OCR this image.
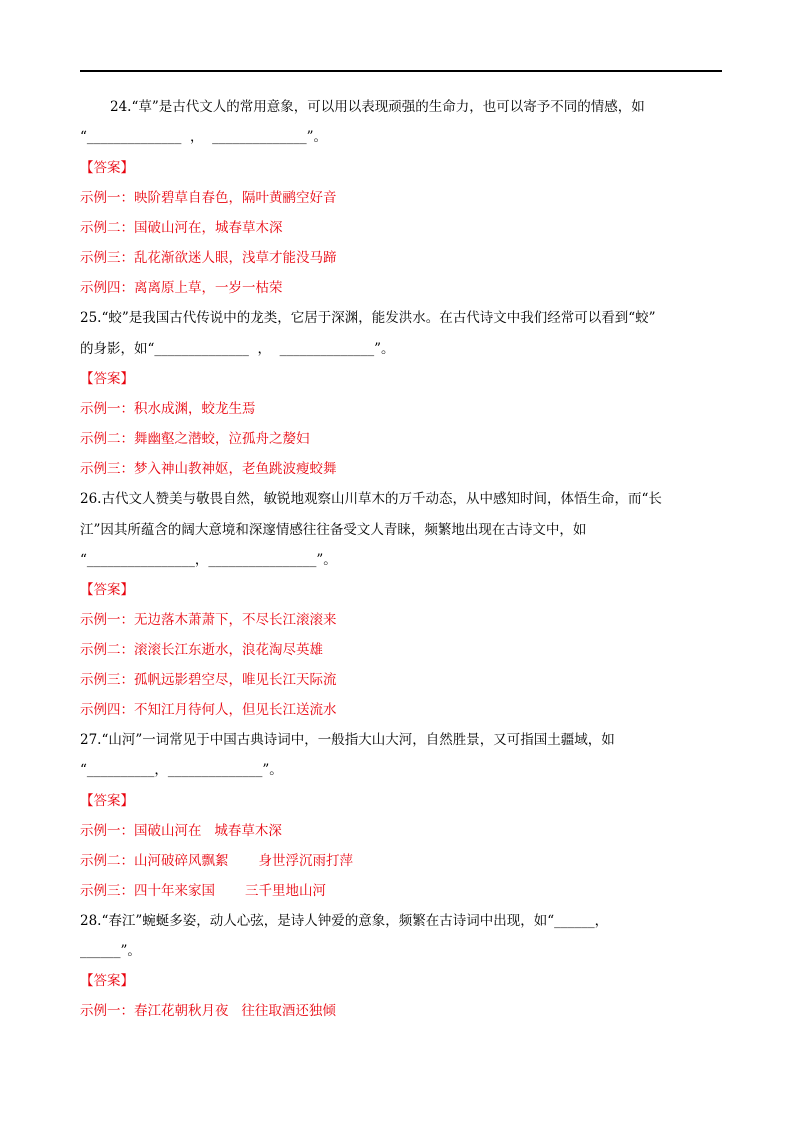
24.“草”是古代文人的常用意象，可以用以表现顽强的生命力，也可以寄予不同的情感，如
“______________  ，  ______________”。
【答案】
示例一：映阶碧草自春色，隔叶黄鹂空好音
示例二：国破山河在，城春草木深
示例三：乱花渐欲迷人眼，浅草才能没马蹄
示例四：离离原上草，一岁一枯荣
25.“蛟”是我国古代传说中的龙类，它居于深渊，能发洪水。在古代诗文中我们经常可以看到“蛟”
的身影，如“______________  ，  ______________”。
【答案】
示例一：积水成渊，蛟龙生焉
示例二：舞幽壑之潜蛟，泣孤舟之嫠妇
示例三：梦入神山教神妪，老鱼跳波瘦蛟舞
26.古代文人赞美与敬畏自然，敏锐地观察山川草木的万千动态，从中感知时间，体悟生命，而“长
江”因其所蕴含的阔大意境和深邃情感往往备受文人青睐，频繁地出现在古诗文中，如
“________________，________________”。
【答案】
示例一：无边落木萧萧下，不尽长江滚滚来
示例二：滚滚长江东逝水，浪花淘尽英雄
示例三：孤帆远影碧空尽，唯见长江天际流
示例四：不知江月待何人，但见长江送流水
27.“山河”一词常见于中国古典诗词中，一般指大山大河，自然胜景，又可指国土疆域，如
“__________，______________”。
【答案】
示例一：国破山河在   城春草木深
示例二：山河破碎风飘絮       身世浮沉雨打萍
示例三：四十年来家国       三千里地山河
28.“春江”蜿蜒多姿，动人心弦，是诗人钟爱的意象，频繁在古诗词中出现，如“______，
______”。
【答案】
示例一：春江花朝秋月夜   往往取酒还独倾
